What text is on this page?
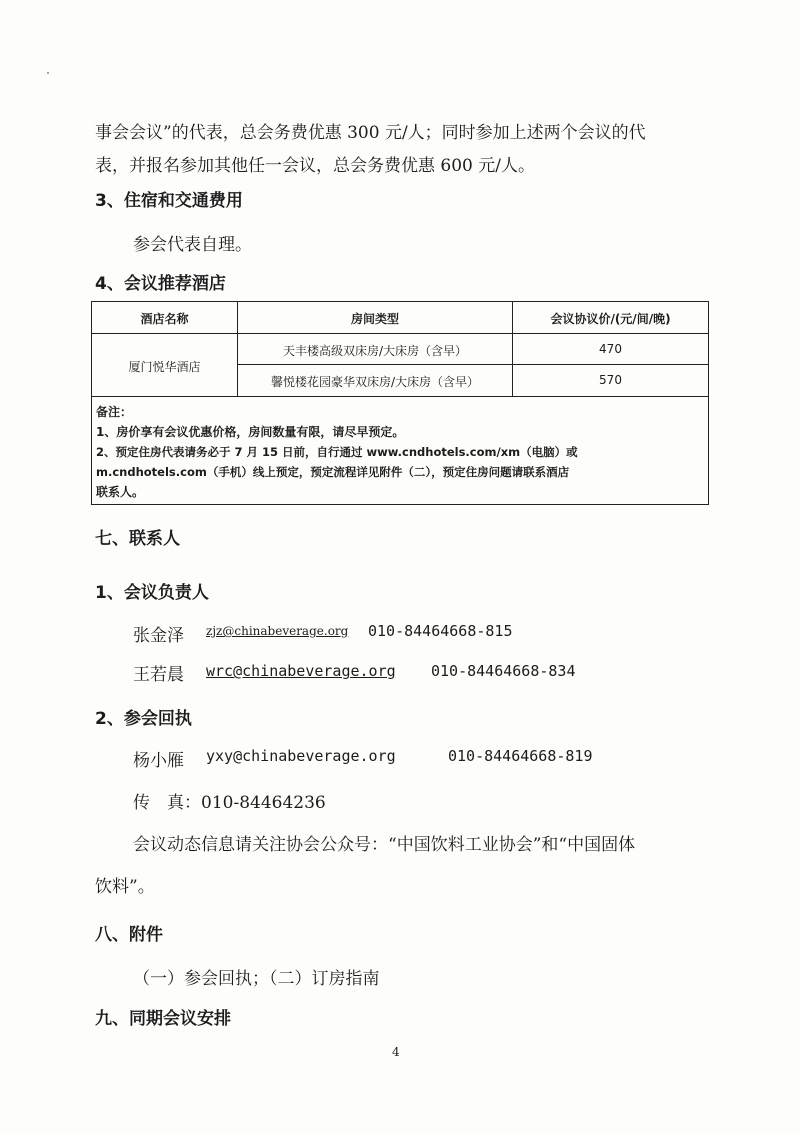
事会会议”的代表，总会务费优惠 300 元/人；同时参加上述两个会议的代
表，并报名参加其他任一会议，总会务费优惠 600 元/人。
3、住宿和交通费用
参会代表自理。
4、会议推荐酒店
酒店名称	房间类型	会议协议价/(元/间/晚)
厦门悦华酒店
天丰楼高级双床房/大床房（含早）	470
馨悦楼花园豪华双床房/大床房（含早）	570
备注：
1、房价享有会议优惠价格，房间数量有限，请尽早预定。
2、预定住房代表请务必于 7 月 15 日前，自行通过 www.cndhotels.com/xm（电脑）或
m.cndhotels.com（手机）线上预定，预定流程详见附件（二），预定住房问题请联系酒店
联系人。
七、联系人
1、会议负责人
张金泽 zjz@chinabeverage.org 010-84464668-815
王若晨 wrc@chinabeverage.org 010-84464668-834
2、参会回执
杨小雁 yxy@chinabeverage.org	010-84464668-819
传　真：010-84464236
会议动态信息请关注协会公众号：“中国饮料工业协会”和“中国固体
饮料”。
八、附件
（一）参会回执；（二）订房指南
九、同期会议安排
4
